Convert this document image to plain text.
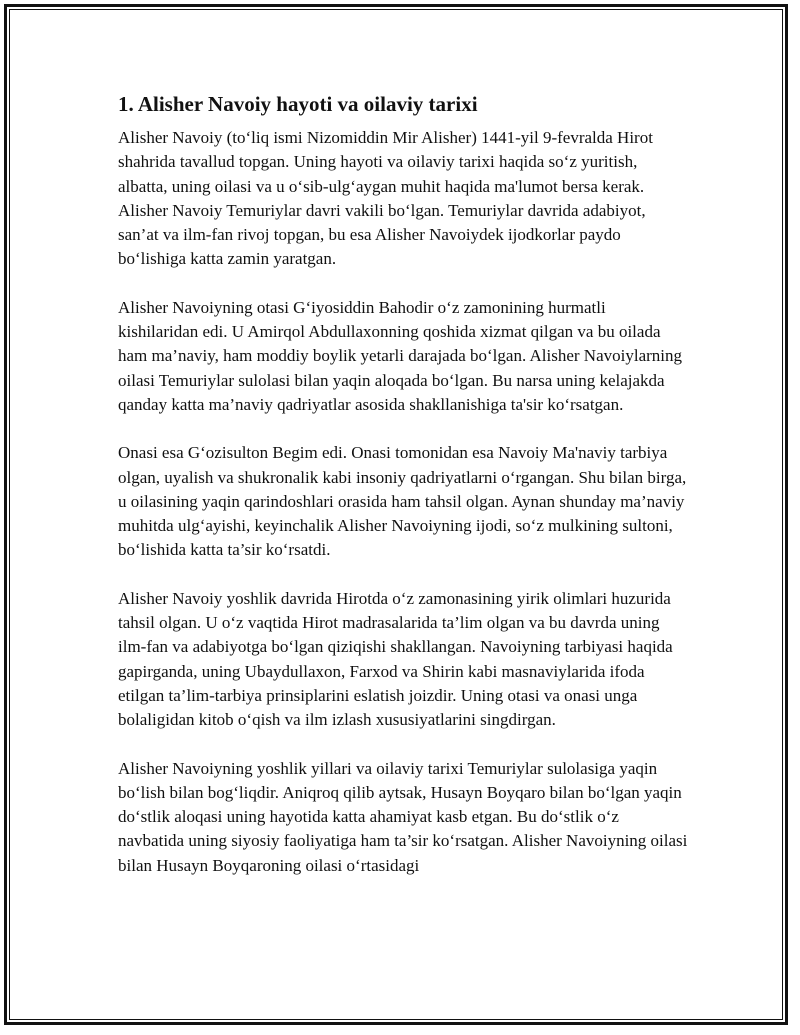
1. Alisher Navoiy hayoti va oilaviy tarixi

Alisher Navoiy (to‘liq ismi Nizomiddin Mir Alisher) 1441-yil 9-fevralda Hirot shahrida tavallud topgan. Uning hayoti va oilaviy tarixi haqida so‘z yuritish, albatta, uning oilasi va u o‘sib-ulg‘aygan muhit haqida ma'lumot bersa kerak. Alisher Navoiy Temuriylar davri vakili bo‘lgan. Temuriylar davrida adabiyot, san’at va ilm-fan rivoj topgan, bu esa Alisher Navoiydek ijodkorlar paydo bo‘lishiga katta zamin yaratgan.

Alisher Navoiyning otasi G‘iyosiddin Bahodir o‘z zamonining hurmatli kishilaridan edi. U Amirqol Abdullaxonning qoshida xizmat qilgan va bu oilada ham ma’naviy, ham moddiy boylik yetarli darajada bo‘lgan. Alisher Navoiylarning oilasi Temuriylar sulolasi bilan yaqin aloqada bo‘lgan. Bu narsa uning kelajakda qanday katta ma’naviy qadriyatlar asosida shakllanishiga ta'sir ko‘rsatgan.

Onasi esa G‘ozisulton Begim edi. Onasi tomonidan esa Navoiy Ma'naviy tarbiya olgan, uyalish va shukronalik kabi insoniy qadriyatlarni o‘rgangan. Shu bilan birga, u oilasining yaqin qarindoshlari orasida ham tahsil olgan. Aynan shunday ma’naviy muhitda ulg‘ayishi, keyinchalik Alisher Navoiyning ijodi, so‘z mulkining sultoni, bo‘lishida katta ta’sir ko‘rsatdi.

Alisher Navoiy yoshlik davrida Hirotda o‘z zamonasining yirik olimlari huzurida tahsil olgan. U o‘z vaqtida Hirot madrasalarida ta’lim olgan va bu davrda uning ilm-fan va adabiyotga bo‘lgan qiziqishi shakllangan. Navoiyning tarbiyasi haqida gapirganda, uning Ubaydullaxon, Farxod va Shirin kabi masnaviylarida ifoda etilgan ta’lim-tarbiya prinsiplarini eslatish joizdir. Uning otasi va onasi unga bolaligidan kitob o‘qish va ilm izlash xususiyatlarini singdirgan.

Alisher Navoiyning yoshlik yillari va oilaviy tarixi Temuriylar sulolasiga yaqin bo‘lish bilan bog‘liqdir. Aniqroq qilib aytsak, Husayn Boyqaro bilan bo‘lgan yaqin do‘stlik aloqasi uning hayotida katta ahamiyat kasb etgan. Bu do‘stlik o‘z navbatida uning siyosiy faoliyatiga ham ta’sir ko‘rsatgan. Alisher Navoiyning oilasi bilan Husayn Boyqaroning oilasi o‘rtasidagi
